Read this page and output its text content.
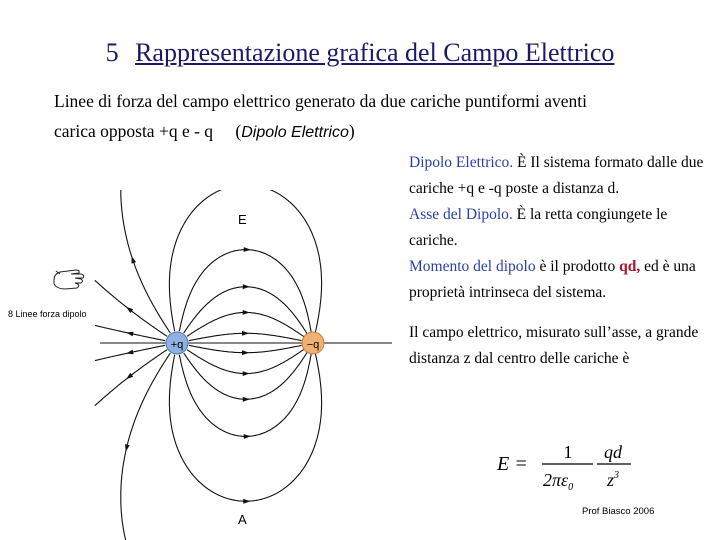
5 Rappresentazione grafica del Campo Elettrico
Linee di forza del campo elettrico generato da due cariche puntiformi aventi
carica opposta +q e - q (Dipolo Elettrico)
+q	−q
E
A
8 Linee forza dipolo

Dipolo Elettrico. È Il sistema formato dalle due cariche +q e -q poste a distanza d.

Asse del Dipolo. È la retta congiungete le cariche.

Momento del dipolo è il prodotto qd, ed è una proprietà intrinseca del sistema.

Il campo elettrico, misurato sull’asse, a grande distanza z dal centro delle cariche è

E =
1
$2\pi\varepsilon_0$
qd
$z^3$
Prof Biasco 2006
